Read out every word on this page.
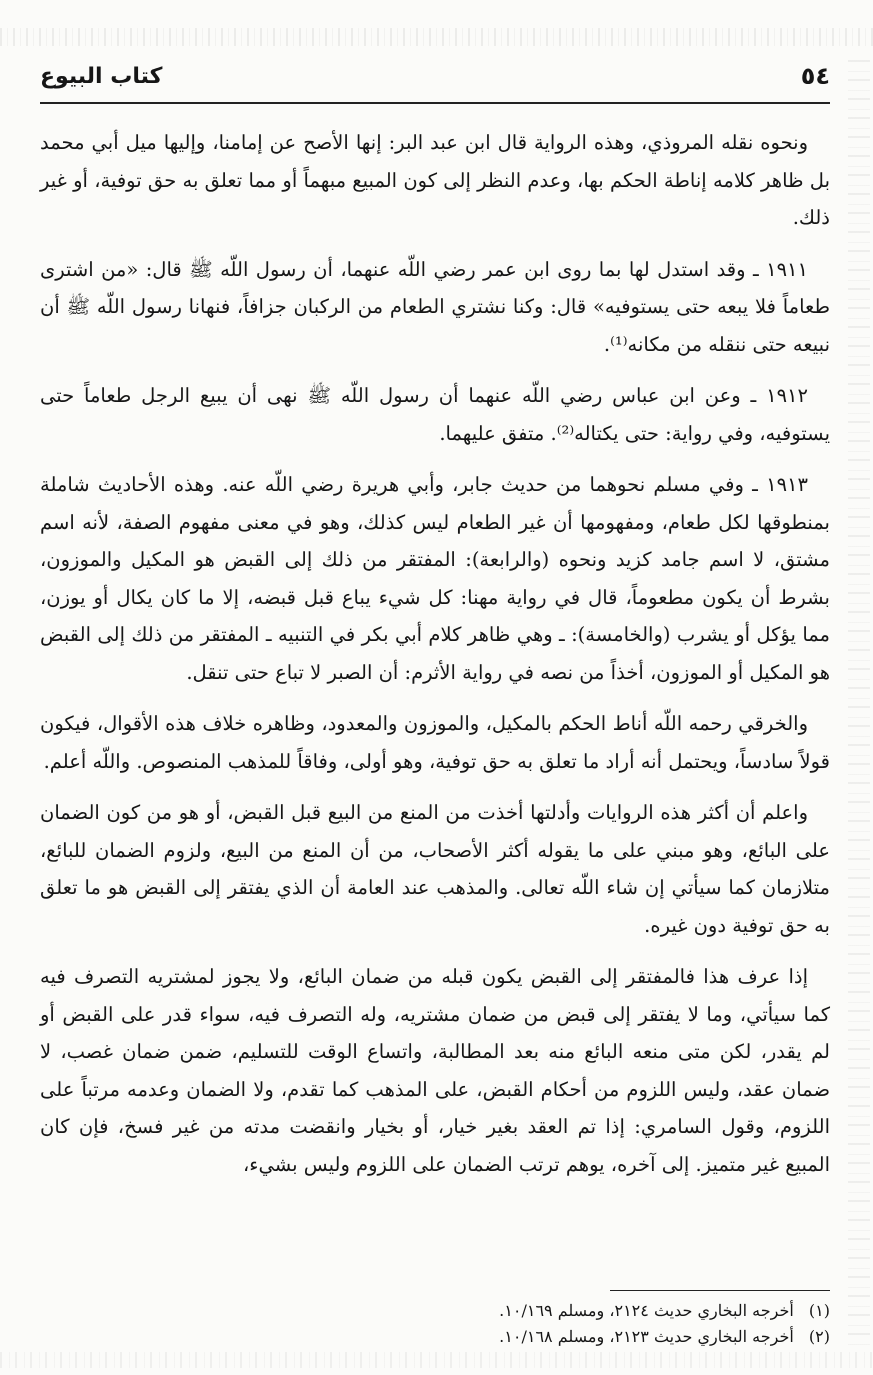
كتاب البيوع	٥٤

ونحوه نقله المروذي، وهذه الرواية قال ابن عبد البر: إنها الأصح عن إمامنا، وإليها ميل أبي محمد بل ظاهر كلامه إناطة الحكم بها، وعدم النظر إلى كون المبيع مبهماً أو مما تعلق به حق توفية، أو غير ذلك.

١٩١١ ـ وقد استدل لها بما روى ابن عمر رضي اللّه عنهما، أن رسول اللّه ﷺ قال: «من اشترى طعاماً فلا يبعه حتى يستوفيه» قال: وكنا نشتري الطعام من الركبان جزافاً، فنهانا رسول اللّه ﷺ أن نبيعه حتى ننقله من مكانه⁽¹⁾.

١٩١٢ ـ وعن ابن عباس رضي اللّه عنهما أن رسول اللّه ﷺ نهى أن يبيع الرجل طعاماً حتى يستوفيه، وفي رواية: حتى يكتاله⁽²⁾. متفق عليهما.

١٩١٣ ـ وفي مسلم نحوهما من حديث جابر، وأبي هريرة رضي اللّه عنه. وهذه الأحاديث شاملة بمنطوقها لكل طعام، ومفهومها أن غير الطعام ليس كذلك، وهو في معنى مفهوم الصفة، لأنه اسم مشتق، لا اسم جامد كزيد ونحوه (والرابعة): المفتقر من ذلك إلى القبض هو المكيل والموزون، بشرط أن يكون مطعوماً، قال في رواية مهنا: كل شيء يباع قبل قبضه، إلا ما كان يكال أو يوزن، مما يؤكل أو يشرب (والخامسة): ـ وهي ظاهر كلام أبي بكر في التنبيه ـ المفتقر من ذلك إلى القبض هو المكيل أو الموزون، أخذاً من نصه في رواية الأثرم: أن الصبر لا تباع حتى تنقل.

والخرقي رحمه اللّه أناط الحكم بالمكيل، والموزون والمعدود، وظاهره خلاف هذه الأقوال، فيكون قولاً سادساً، ويحتمل أنه أراد ما تعلق به حق توفية، وهو أولى، وفاقاً للمذهب المنصوص. واللّه أعلم.

واعلم أن أكثر هذه الروايات وأدلتها أخذت من المنع من البيع قبل القبض، أو هو من كون الضمان على البائع، وهو مبني على ما يقوله أكثر الأصحاب، من أن المنع من البيع، ولزوم الضمان للبائع، متلازمان كما سيأتي إن شاء اللّه تعالى. والمذهب عند العامة أن الذي يفتقر إلى القبض هو ما تعلق به حق توفية دون غيره.

إذا عرف هذا فالمفتقر إلى القبض يكون قبله من ضمان البائع، ولا يجوز لمشتريه التصرف فيه كما سيأتي، وما لا يفتقر إلى قبض من ضمان مشتريه، وله التصرف فيه، سواء قدر على القبض أو لم يقدر، لكن متى منعه البائع منه بعد المطالبة، واتساع الوقت للتسليم، ضمن ضمان غصب، لا ضمان عقد، وليس اللزوم من أحكام القبض، على المذهب كما تقدم، ولا الضمان وعدمه مرتباً على اللزوم، وقول السامري: إذا تم العقد بغير خيار، أو بخيار وانقضت مدته من غير فسخ، فإن كان المبيع غير متميز. إلى آخره، يوهم ترتب الضمان على اللزوم وليس بشيء،

(١) أخرجه البخاري حديث ٢١٢٤، ومسلم ١٠/١٦٩.

(٢) أخرجه البخاري حديث ٢١٢٣، ومسلم ١٠/١٦٨.
